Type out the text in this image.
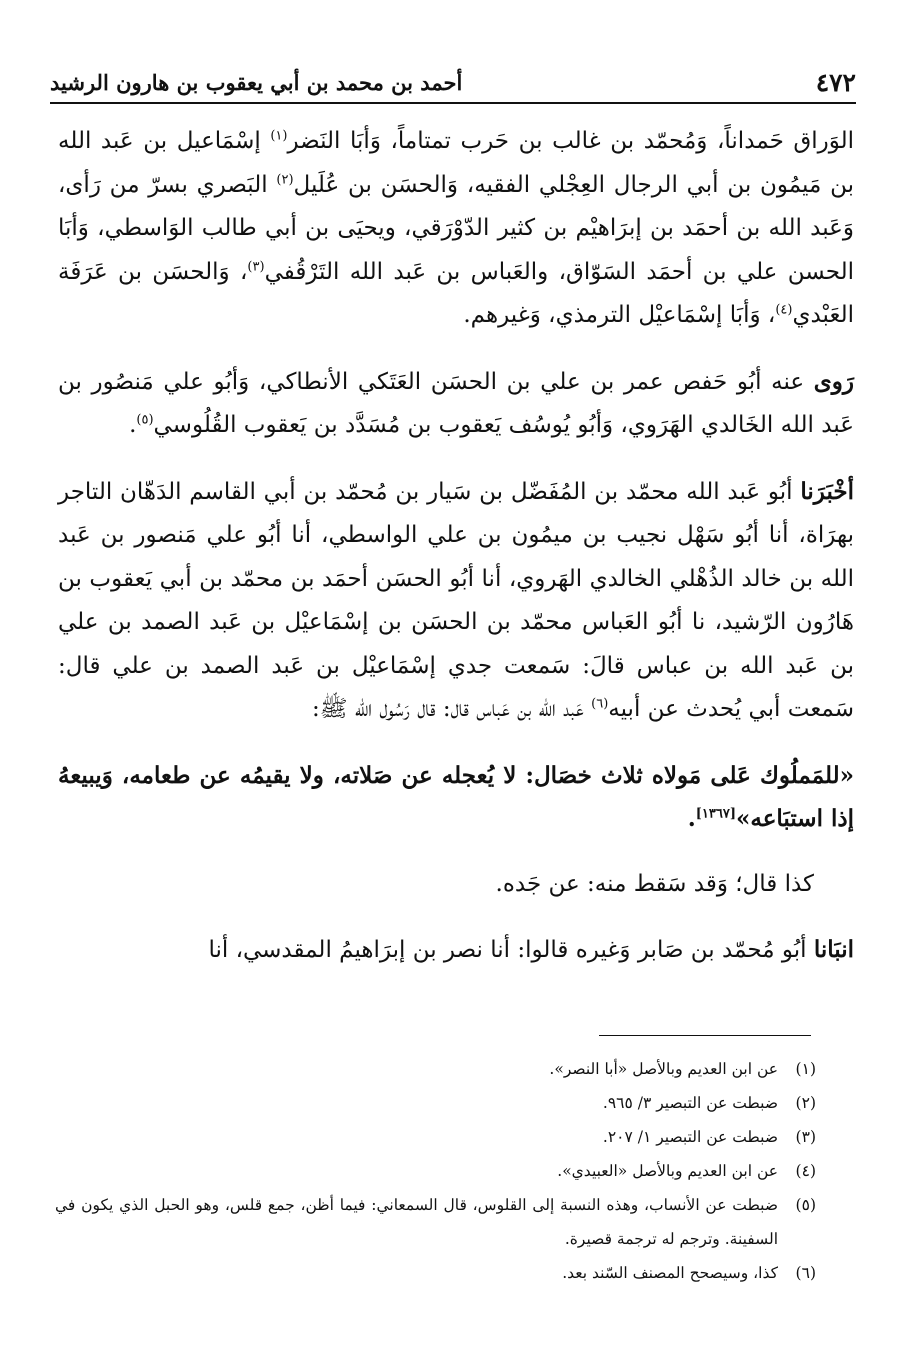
٤٧٢
أحمد بن محمد بن أبي يعقوب بن هارون الرشيد

الوَراق حَمداناً، وَمُحمّد بن غالب بن حَرب تمتاماً، وَأبَا النَضر$^{(١)}$ إسْمَاعيل بن عَبد الله بن مَيمُون بن أبي الرجال العِجْلي الفقيه، وَالحسَن بن عُلَيل$^{(٢)}$ البَصري بسرّ من رَأى، وَعَبد الله بن أحمَد بن إبرَاهيْم بن كثير الدّوْرَقي، ويحيَى بن أبي طالب الوَاسطي، وَأبَا الحسن علي بن أحمَد السَوّاق، والعَباس بن عَبد الله التَرْقُفي$^{(٣)}$، وَالحسَن بن عَرَفَة العَبْدي$^{(٤)}$، وَأبَا إسْمَاعيْل الترمذي، وَغيرهم.

رَوى عنه أبُو حَفص عمر بن علي بن الحسَن العَتَكي الأنطاكي، وَأبُو علي مَنصُور بن عَبد الله الخَالدي الهَرَوي، وَأبُو يُوسُف يَعقوب بن مُسَدَّد بن يَعقوب القُلُوسي$^{(٥)}$.

أخْبَرَنا أبُو عَبد الله محمّد بن المُفَضّل بن سَيار بن مُحمّد بن أبي القاسم الدَهّان التاجر بهرَاة، أنا أبُو سَهْل نجيب بن ميمُون بن علي الواسطي، أنا أبُو علي مَنصور بن عَبد الله بن خالد الذُهْلي الخالدي الهَروي، أنا أبُو الحسَن أحمَد بن محمّد بن أبي يَعقوب بن هَارُون الرّشيد، نا أبُو العَباس محمّد بن الحسَن بن إسْمَاعيْل بن عَبد الصمد بن علي بن عَبد الله بن عباس قالَ: سَمعت جدي إسْمَاعيْل بن عَبد الصمد بن علي قال: سَمعت أبي يُحدث عن أبيه$^{(٦)}$ عَبد الله بن عَباس قال: قال رَسُول الله ﷺ:

«للمَملُوك عَلى مَولاه ثلاث خصَال: لا يُعجله عن صَلاته، ولا يقيمُه عن طعامه، وَيبيعهُ إذا استبَاعه»[١٣٦٧].

كذا قال؛ وَقد سَقط منه: عن جَده.

انبَانا أبُو مُحمّد بن صَابر وَغيره قالوا: أنا نصر بن إبرَاهيمُ المقدسي، أنا

(١)
عن ابن العديم وبالأصل «أبا النصر».
(٢)
ضبطت عن التبصير ٣/ ٩٦٥.
(٣)
ضبطت عن التبصير ١/ ٢٠٧.
(٤)
عن ابن العديم وبالأصل «العبيدي».
(٥)
ضبطت عن الأنساب، وهذه النسبة إلى القلوس، قال السمعاني: فيما أظن، جمع قلس، وهو الحبل الذي يكون في السفينة. وترجم له ترجمة قصيرة.
(٦)
كذا، وسيصحح المصنف السّند بعد.
